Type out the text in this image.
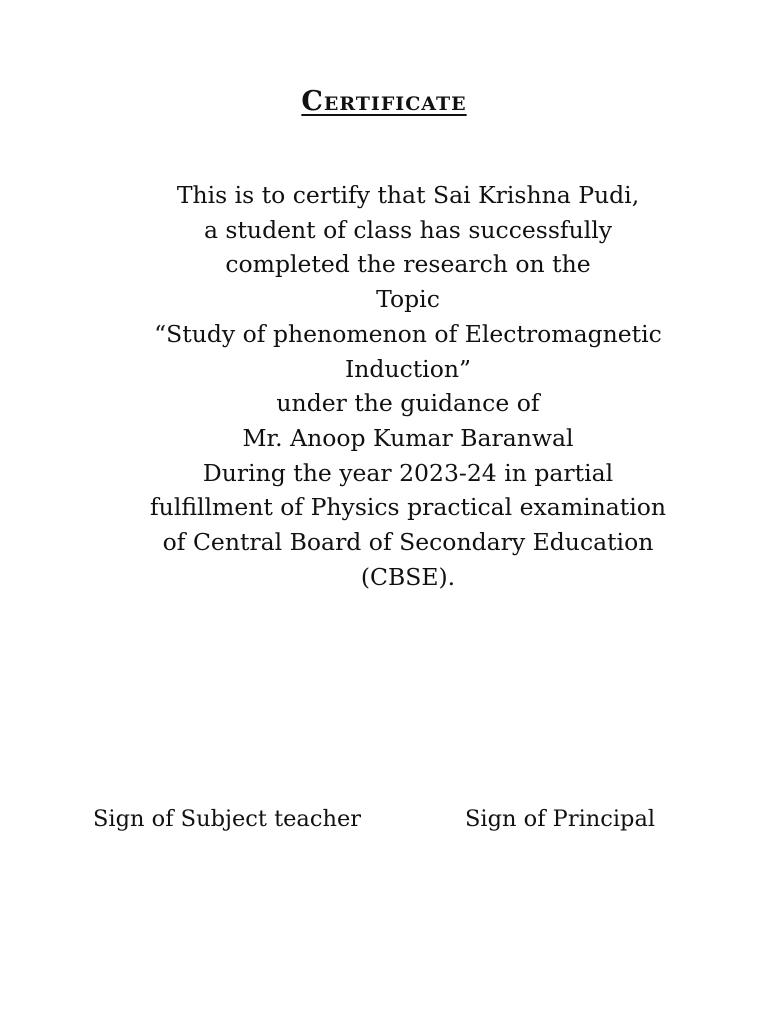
Certificate
This is to certify that Sai Krishna Pudi,
a student of class has successfully
completed the research on the
Topic
“Study of phenomenon of Electromagnetic
Induction”
under the guidance of
Mr. Anoop Kumar Baranwal
During the year 2023-24 in partial
fulfillment of Physics practical examination
of Central Board of Secondary Education
(CBSE).
Sign of Subject teacher	Sign of Principal
